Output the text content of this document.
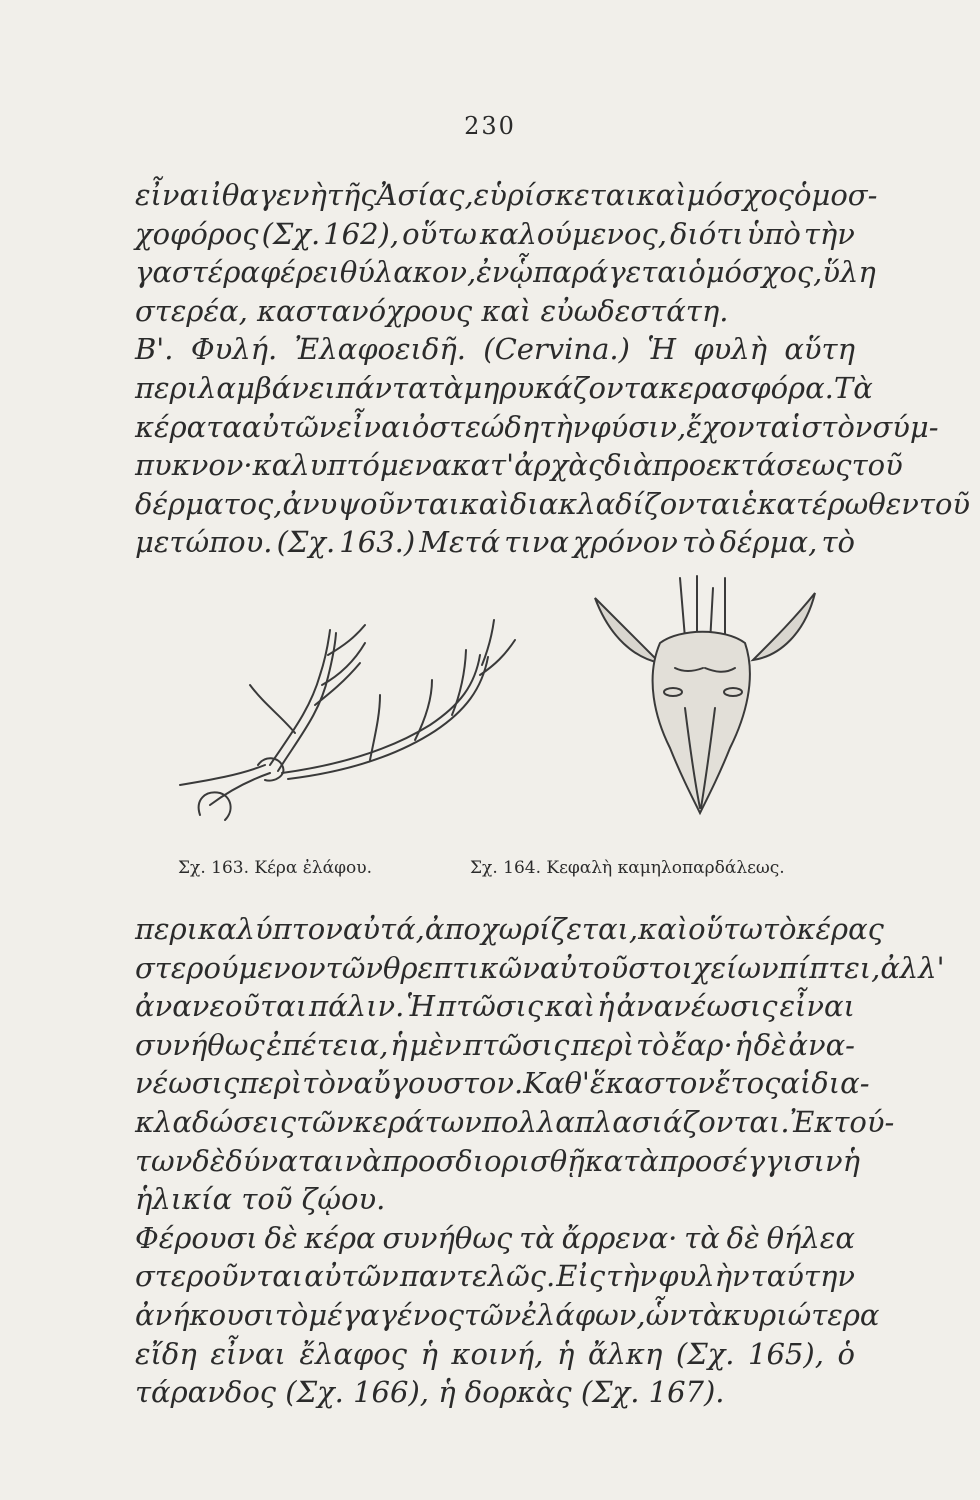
230
εἶναι ἰθαγενὴ τῆς Ἀσίας, εὑρίσκεται καὶ μόσχος ὁ μοσ-
χοφόρος (Σχ. 162), οὕτω καλούμενος, διότι ὑπὸ τὴν
γαστέρα φέρει θύλακον, ἐν ᾧ παράγεται ὁ μόσχος, ὕλη
στερέα, καστανόχρους καὶ εὐωδεστάτη.
Β'. Φυλή. Ἐλαφοειδῆ. (Cervina.) Ἡ φυλὴ αὕτη
περιλαμβάνει πάντα τὰ μηρυκάζοντα κερασφόρα. Τὰ
κέρατα αὐτῶν εἶναι ὀστεώδη τὴν φύσιν, ἔχοντα ἱστὸν σύμ-
πυκνον· καλυπτόμενα κατ' ἀρχὰς διὰ προεκτάσεως τοῦ
δέρματος, ἀνυψοῦνται καὶ διακλαδίζονται ἑκατέρωθεν τοῦ
μετώπου. (Σχ. 163.) Μετά τινα χρόνον τὸ δέρμα, τὸ
Σχ. 163. Κέρα ἐλάφου.	Σχ. 164. Κεφαλὴ καμηλοπαρδάλεως.
περικαλύπτον αὐτά, ἀποχωρίζεται, καὶ οὕτω τὸ κέρας
στερούμενον τῶν θρεπτικῶν αὐτοῦ στοιχείων πίπτει, ἀλλ'
ἀνανεοῦται πάλιν. Ἡ πτῶσις καὶ ἡ ἀνανέωσις εἶναι
συνήθως ἐπέτεια, ἡ μὲν πτῶσις περὶ τὸ ἔαρ· ἡ δὲ ἀνα-
νέωσις περὶ τὸν αὔγουστον. Καθ' ἕκαστον ἔτος αἱ δια-
κλαδώσεις τῶν κεράτων πολλαπλασιάζονται. Ἐκ τού-
των δὲ δύναται νὰ προσδιορισθῇ κατὰ προσέγγισιν ἡ
ἡλικία τοῦ ζῴου.
Φέρουσι δὲ κέρα συνήθως τὰ ἄρρενα· τὰ δὲ θήλεα
στεροῦνται αὐτῶν παντελῶς. Εἰς τὴν φυλὴν ταύτην
ἀνήκουσι τὸ μέγα γένος τῶν ἐλάφων, ὧν τὰ κυριώτερα
εἴδη εἶναι ἔλαφος ἡ κοινή, ἡ ἄλκη (Σχ. 165), ὁ
τάρανδος (Σχ. 166), ἡ δορκὰς (Σχ. 167).
